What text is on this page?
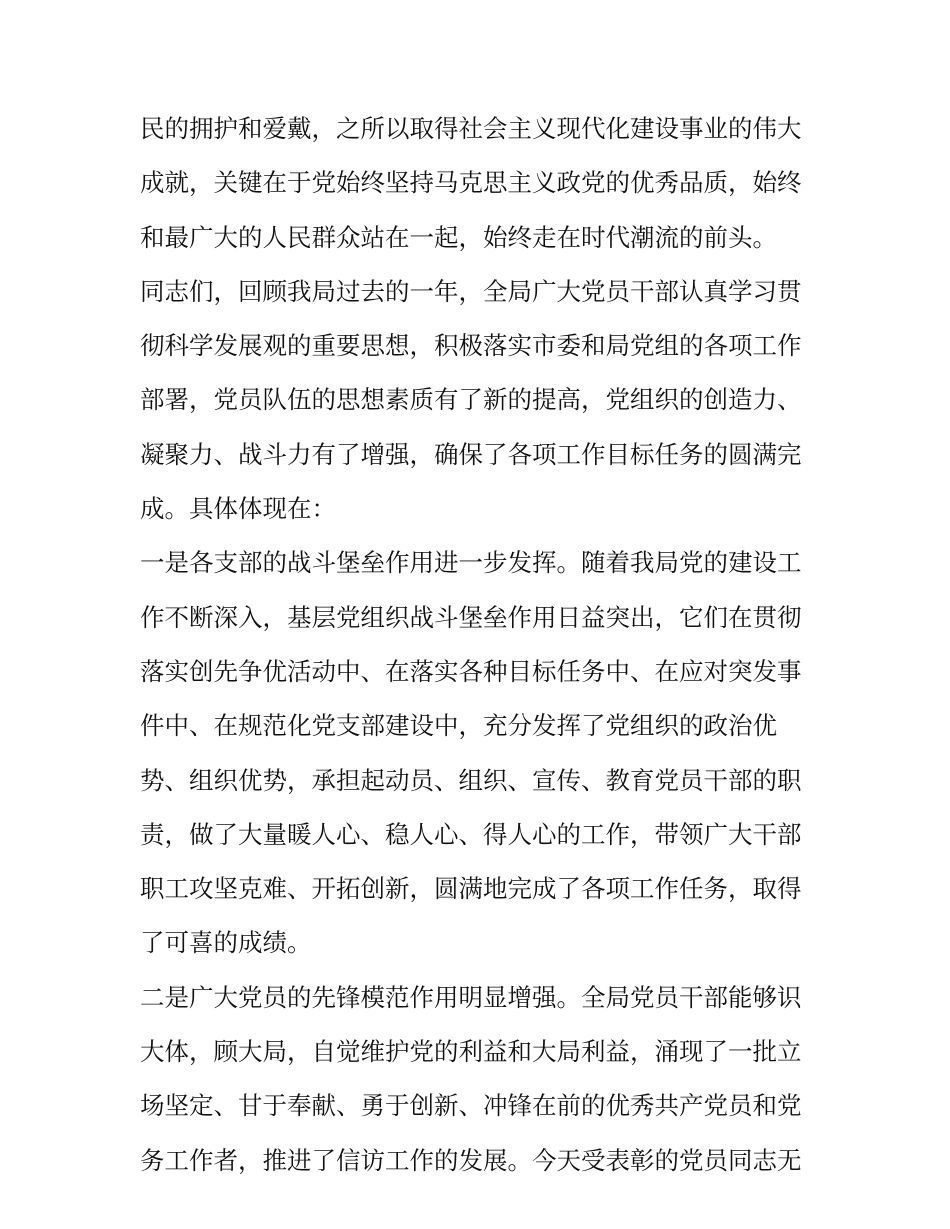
民的拥护和爱戴，之所以取得社会主义现代化建设事业的伟大
成就，关键在于党始终坚持马克思主义政党的优秀品质，始终
和最广大的人民群众站在一起，始终走在时代潮流的前头。
同志们，回顾我局过去的一年，全局广大党员干部认真学习贯
彻科学发展观的重要思想，积极落实市委和局党组的各项工作
部署，党员队伍的思想素质有了新的提高，党组织的创造力、
凝聚力、战斗力有了增强，确保了各项工作目标任务的圆满完
成。具体体现在：
一是各支部的战斗堡垒作用进一步发挥。随着我局党的建设工
作不断深入，基层党组织战斗堡垒作用日益突出，它们在贯彻
落实创先争优活动中、在落实各种目标任务中、在应对突发事
件中、在规范化党支部建设中，充分发挥了党组织的政治优
势、组织优势，承担起动员、组织、宣传、教育党员干部的职
责，做了大量暖人心、稳人心、得人心的工作，带领广大干部
职工攻坚克难、开拓创新，圆满地完成了各项工作任务，取得
了可喜的成绩。
二是广大党员的先锋模范作用明显增强。全局党员干部能够识
大体，顾大局，自觉维护党的利益和大局利益，涌现了一批立
场坚定、甘于奉献、勇于创新、冲锋在前的优秀共产党员和党
务工作者，推进了信访工作的发展。今天受表彰的党员同志无
